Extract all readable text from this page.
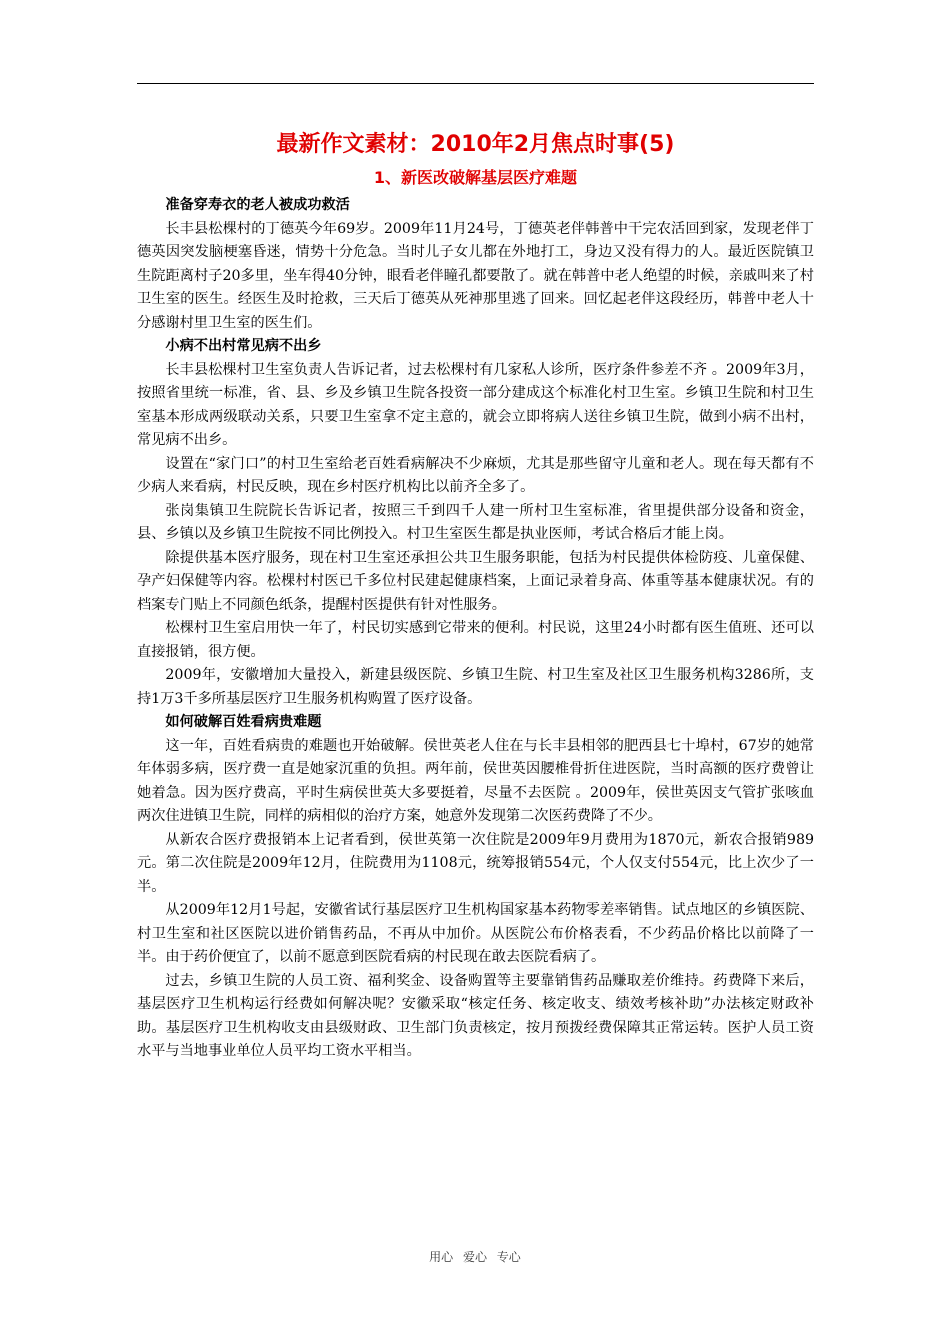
最新作文素材：2010年2月焦点时事(5)
1、新医改破解基层医疗难题

准备穿寿衣的老人被成功救活

长丰县松棵村的丁德英今年69岁。2009年11月24号，丁德英老伴韩普中干完农活回到家，发现老伴丁德英因突发脑梗塞昏迷，情势十分危急。当时儿子女儿都在外地打工，身边又没有得力的人。最近医院镇卫生院距离村子20多里，坐车得40分钟，眼看老伴瞳孔都要散了。就在韩普中老人绝望的时候，亲戚叫来了村卫生室的医生。经医生及时抢救，三天后丁德英从死神那里逃了回来。回忆起老伴这段经历，韩普中老人十分感谢村里卫生室的医生们。

小病不出村常见病不出乡

长丰县松棵村卫生室负责人告诉记者，过去松棵村有几家私人诊所，医疗条件参差不齐 。2009年3月，按照省里统一标准，省、县、乡及乡镇卫生院各投资一部分建成这个标准化村卫生室。乡镇卫生院和村卫生室基本形成两级联动关系，只要卫生室拿不定主意的，就会立即将病人送往乡镇卫生院，做到小病不出村，常见病不出乡。

设置在“家门口”的村卫生室给老百姓看病解决不少麻烦，尤其是那些留守儿童和老人。现在每天都有不少病人来看病，村民反映，现在乡村医疗机构比以前齐全多了。

张岗集镇卫生院院长告诉记者，按照三千到四千人建一所村卫生室标准，省里提供部分设备和资金，县、乡镇以及乡镇卫生院按不同比例投入。村卫生室医生都是执业医师，考试合格后才能上岗。

除提供基本医疗服务，现在村卫生室还承担公共卫生服务职能，包括为村民提供体检防疫、儿童保健、孕产妇保健等内容。松棵村村医已千多位村民建起健康档案，上面记录着身高、体重等基本健康状况。有的档案专门贴上不同颜色纸条，提醒村医提供有针对性服务。

松棵村卫生室启用快一年了，村民切实感到它带来的便利。村民说，这里24小时都有医生值班、还可以直接报销，很方便。

2009年，安徽增加大量投入，新建县级医院、乡镇卫生院、村卫生室及社区卫生服务机构3286所，支持1万3千多所基层医疗卫生服务机构购置了医疗设备。

如何破解百姓看病贵难题

这一年，百姓看病贵的难题也开始破解。侯世英老人住在与长丰县相邻的肥西县七十埠村，67岁的她常年体弱多病，医疗费一直是她家沉重的负担。两年前，侯世英因腰椎骨折住进医院，当时高额的医疗费曾让她着急。因为医疗费高，平时生病侯世英大多要挺着，尽量不去医院 。2009年，侯世英因支气管扩张咳血两次住进镇卫生院，同样的病相似的治疗方案，她意外发现第二次医药费降了不少。

从新农合医疗费报销本上记者看到，侯世英第一次住院是2009年9月费用为1870元，新农合报销989元。第二次住院是2009年12月，住院费用为1108元，统筹报销554元，个人仅支付554元，比上次少了一半。

从2009年12月1号起，安徽省试行基层医疗卫生机构国家基本药物零差率销售。试点地区的乡镇医院、村卫生室和社区医院以进价销售药品，不再从中加价。从医院公布价格表看，不少药品价格比以前降了一半。由于药价便宜了，以前不愿意到医院看病的村民现在敢去医院看病了。

过去，乡镇卫生院的人员工资、福利奖金、设备购置等主要靠销售药品赚取差价维持。药费降下来后，基层医疗卫生机构运行经费如何解决呢？安徽采取“核定任务、核定收支、绩效考核补助”办法核定财政补助。基层医疗卫生机构收支由县级财政、卫生部门负责核定，按月预拨经费保障其正常运转。医护人员工资水平与当地事业单位人员平均工资水平相当。

用心 爱心 专心
